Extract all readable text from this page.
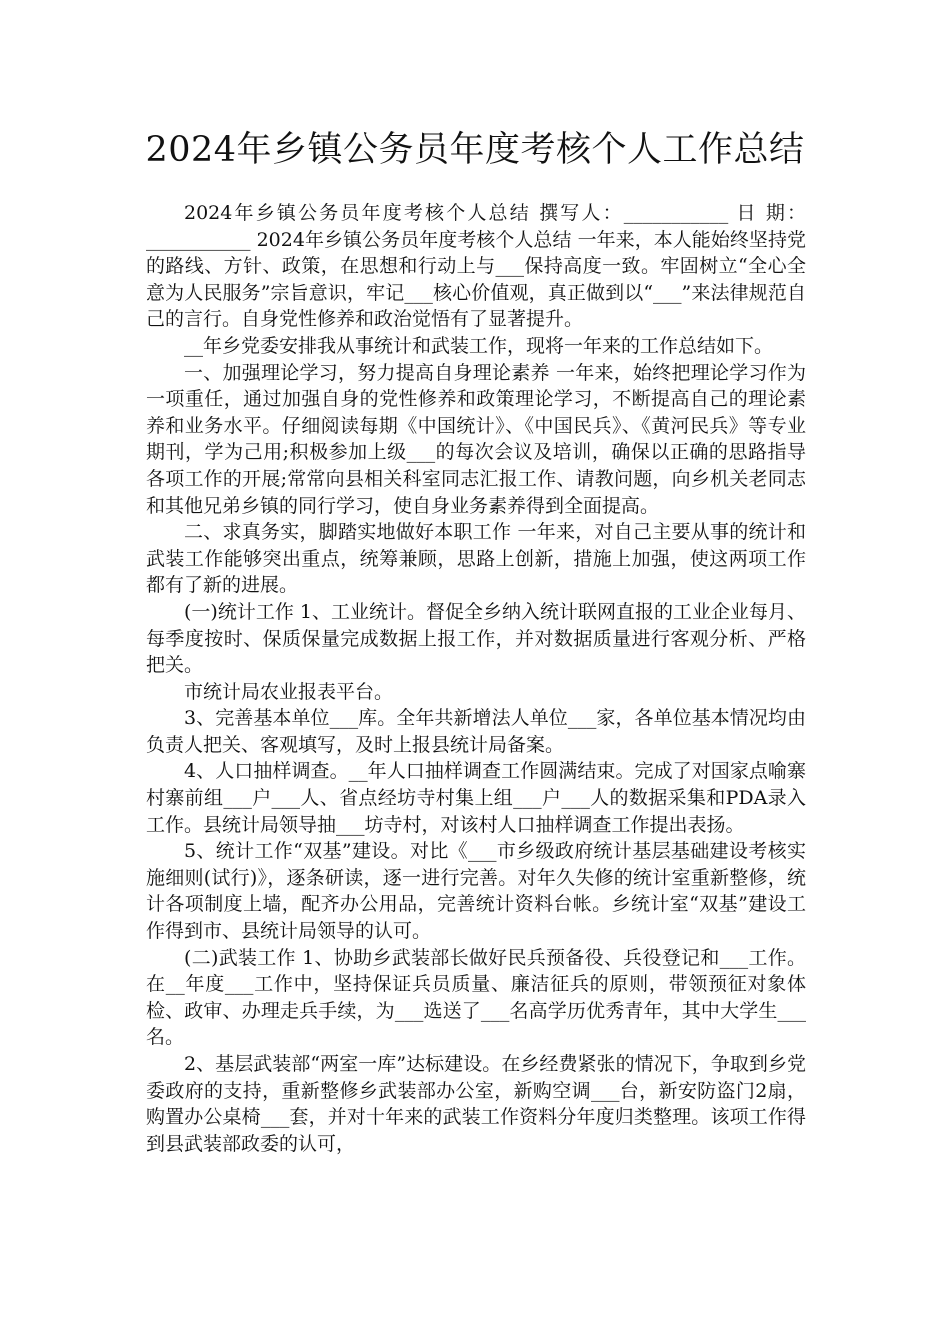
2024年乡镇公务员年度考核个人工作总结

2024年乡镇公务员年度考核个人总结 撰写人：___________ 日 期：___________ 2024年乡镇公务员年度考核个人总结 一年来，本人能始终坚持党的路线、方针、政策，在思想和行动上与___保持高度一致。牢固树立“全心全意为人民服务”宗旨意识，牢记___核心价值观，真正做到以“___”来法律规范自己的言行。自身党性修养和政治觉悟有了显著提升。

__年乡党委安排我从事统计和武装工作，现将一年来的工作总结如下。

一、加强理论学习，努力提高自身理论素养 一年来，始终把理论学习作为一项重任，通过加强自身的党性修养和政策理论学习，不断提高自己的理论素养和业务水平。仔细阅读每期《中国统计》、《中国民兵》、《黄河民兵》等专业期刊，学为己用;积极参加上级___的每次会议及培训，确保以正确的思路指导各项工作的开展;常常向县相关科室同志汇报工作、请教问题，向乡机关老同志和其他兄弟乡镇的同行学习，使自身业务素养得到全面提高。

二、求真务实，脚踏实地做好本职工作 一年来，对自己主要从事的统计和武装工作能够突出重点，统筹兼顾，思路上创新，措施上加强，使这两项工作都有了新的进展。

(一)统计工作 1、工业统计。督促全乡纳入统计联网直报的工业企业每月、每季度按时、保质保量完成数据上报工作，并对数据质量进行客观分析、严格把关。

市统计局农业报表平台。

3、完善基本单位___库。全年共新增法人单位___家，各单位基本情况均由负责人把关、客观填写，及时上报县统计局备案。

4、人口抽样调查。__年人口抽样调查工作圆满结束。完成了对国家点喻寨村寨前组___户___人、省点经坊寺村集上组___户___人的数据采集和PDA录入工作。县统计局领导抽___坊寺村，对该村人口抽样调查工作提出表扬。

5、统计工作“双基”建设。对比《___市乡级政府统计基层基础建设考核实施细则(试行)》，逐条研读，逐一进行完善。对年久失修的统计室重新整修，统计各项制度上墙，配齐办公用品，完善统计资料台帐。乡统计室“双基”建设工作得到市、县统计局领导的认可。

(二)武装工作 1、协助乡武装部长做好民兵预备役、兵役登记和___工作。在__年度___工作中，坚持保证兵员质量、廉洁征兵的原则，带领预征对象体检、政审、办理走兵手续，为___选送了___名高学历优秀青年，其中大学生___名。

2、基层武装部“两室一库”达标建设。在乡经费紧张的情况下，争取到乡党委政府的支持，重新整修乡武装部办公室，新购空调___台，新安防盗门2扇，购置办公桌椅___套，并对十年来的武装工作资料分年度归类整理。该项工作得到县武装部政委的认可，
